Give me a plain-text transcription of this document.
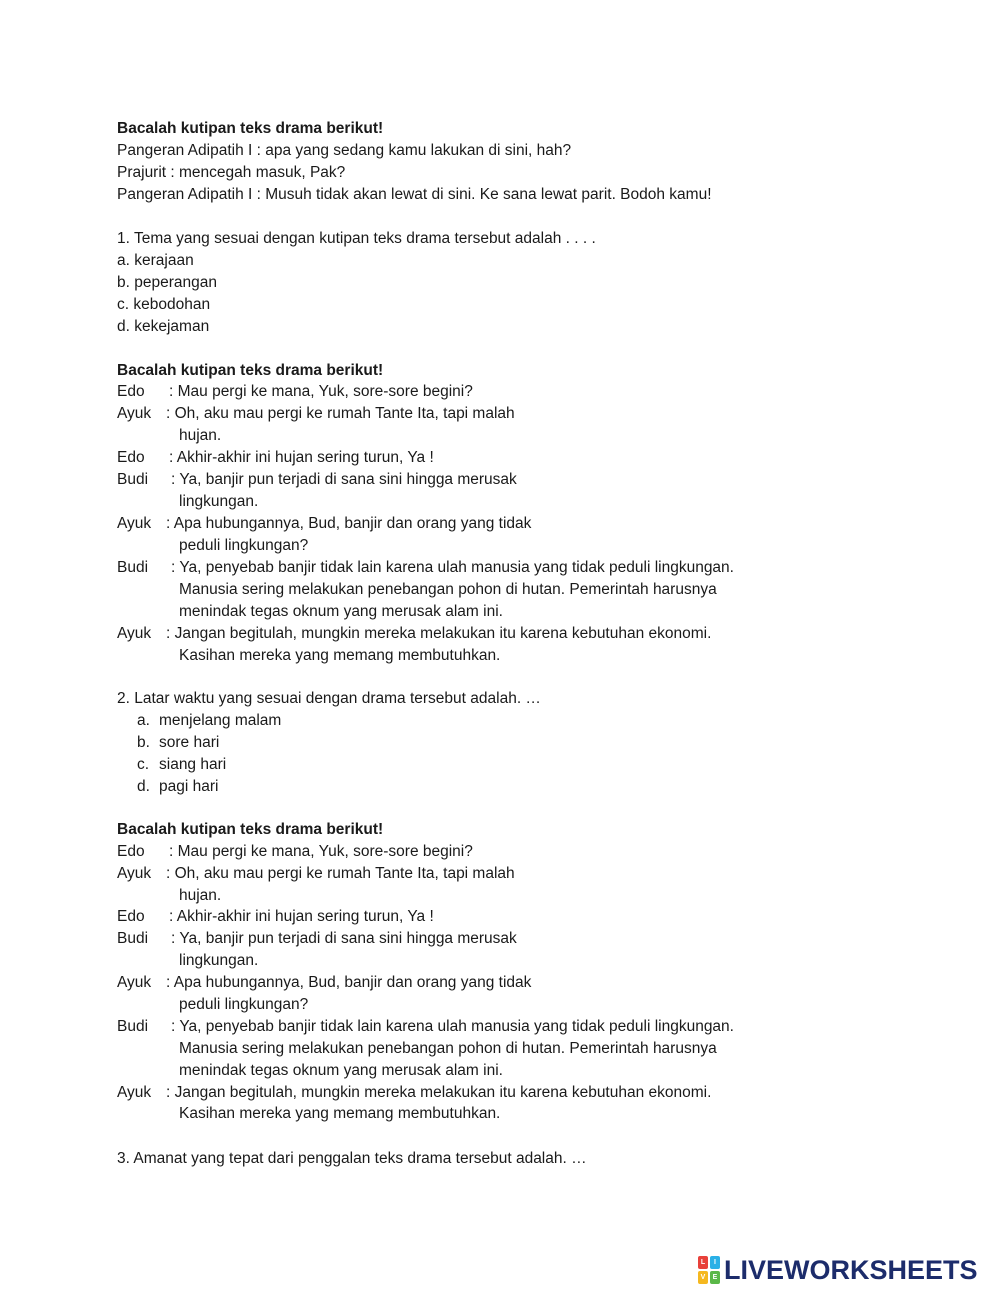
Bacalah kutipan teks drama berikut!
Pangeran Adipatih I : apa yang sedang kamu lakukan di sini, hah?
Prajurit : mencegah masuk, Pak?
Pangeran Adipatih I : Musuh tidak akan lewat di sini. Ke sana lewat parit. Bodoh kamu!
1. Tema yang sesuai dengan kutipan teks drama tersebut adalah . . . .
a. kerajaan
b. peperangan
c. kebodohan
d. kekejaman
Bacalah kutipan teks drama berikut!
Edo : Mau pergi ke mana, Yuk, sore-sore begini?
Ayuk : Oh, aku mau pergi ke rumah Tante Ita, tapi malah
hujan.
Edo : Akhir-akhir ini hujan sering turun, Ya !
Budi : Ya, banjir pun terjadi di sana sini hingga merusak
lingkungan.
Ayuk : Apa hubungannya, Bud, banjir dan orang yang tidak
peduli lingkungan?
Budi : Ya, penyebab banjir tidak lain karena ulah manusia yang tidak peduli lingkungan.
Manusia sering melakukan penebangan pohon di hutan. Pemerintah harusnya
menindak tegas oknum yang merusak alam ini.
Ayuk : Jangan begitulah, mungkin mereka melakukan itu karena kebutuhan ekonomi.
Kasihan mereka yang memang membutuhkan.
2. Latar waktu yang sesuai dengan drama tersebut adalah. …
a. menjelang malam
b. sore hari
c. siang hari
d. pagi hari
Bacalah kutipan teks drama berikut!
Edo : Mau pergi ke mana, Yuk, sore-sore begini?
Ayuk : Oh, aku mau pergi ke rumah Tante Ita, tapi malah
hujan.
Edo : Akhir-akhir ini hujan sering turun, Ya !
Budi : Ya, banjir pun terjadi di sana sini hingga merusak
lingkungan.
Ayuk : Apa hubungannya, Bud, banjir dan orang yang tidak
peduli lingkungan?
Budi : Ya, penyebab banjir tidak lain karena ulah manusia yang tidak peduli lingkungan.
Manusia sering melakukan penebangan pohon di hutan. Pemerintah harusnya
menindak tegas oknum yang merusak alam ini.
Ayuk : Jangan begitulah, mungkin mereka melakukan itu karena kebutuhan ekonomi.
Kasihan mereka yang memang membutuhkan.
3. Amanat yang tepat dari penggalan teks drama tersebut adalah. …
L	I
V	E LIVEWORKSHEETS
